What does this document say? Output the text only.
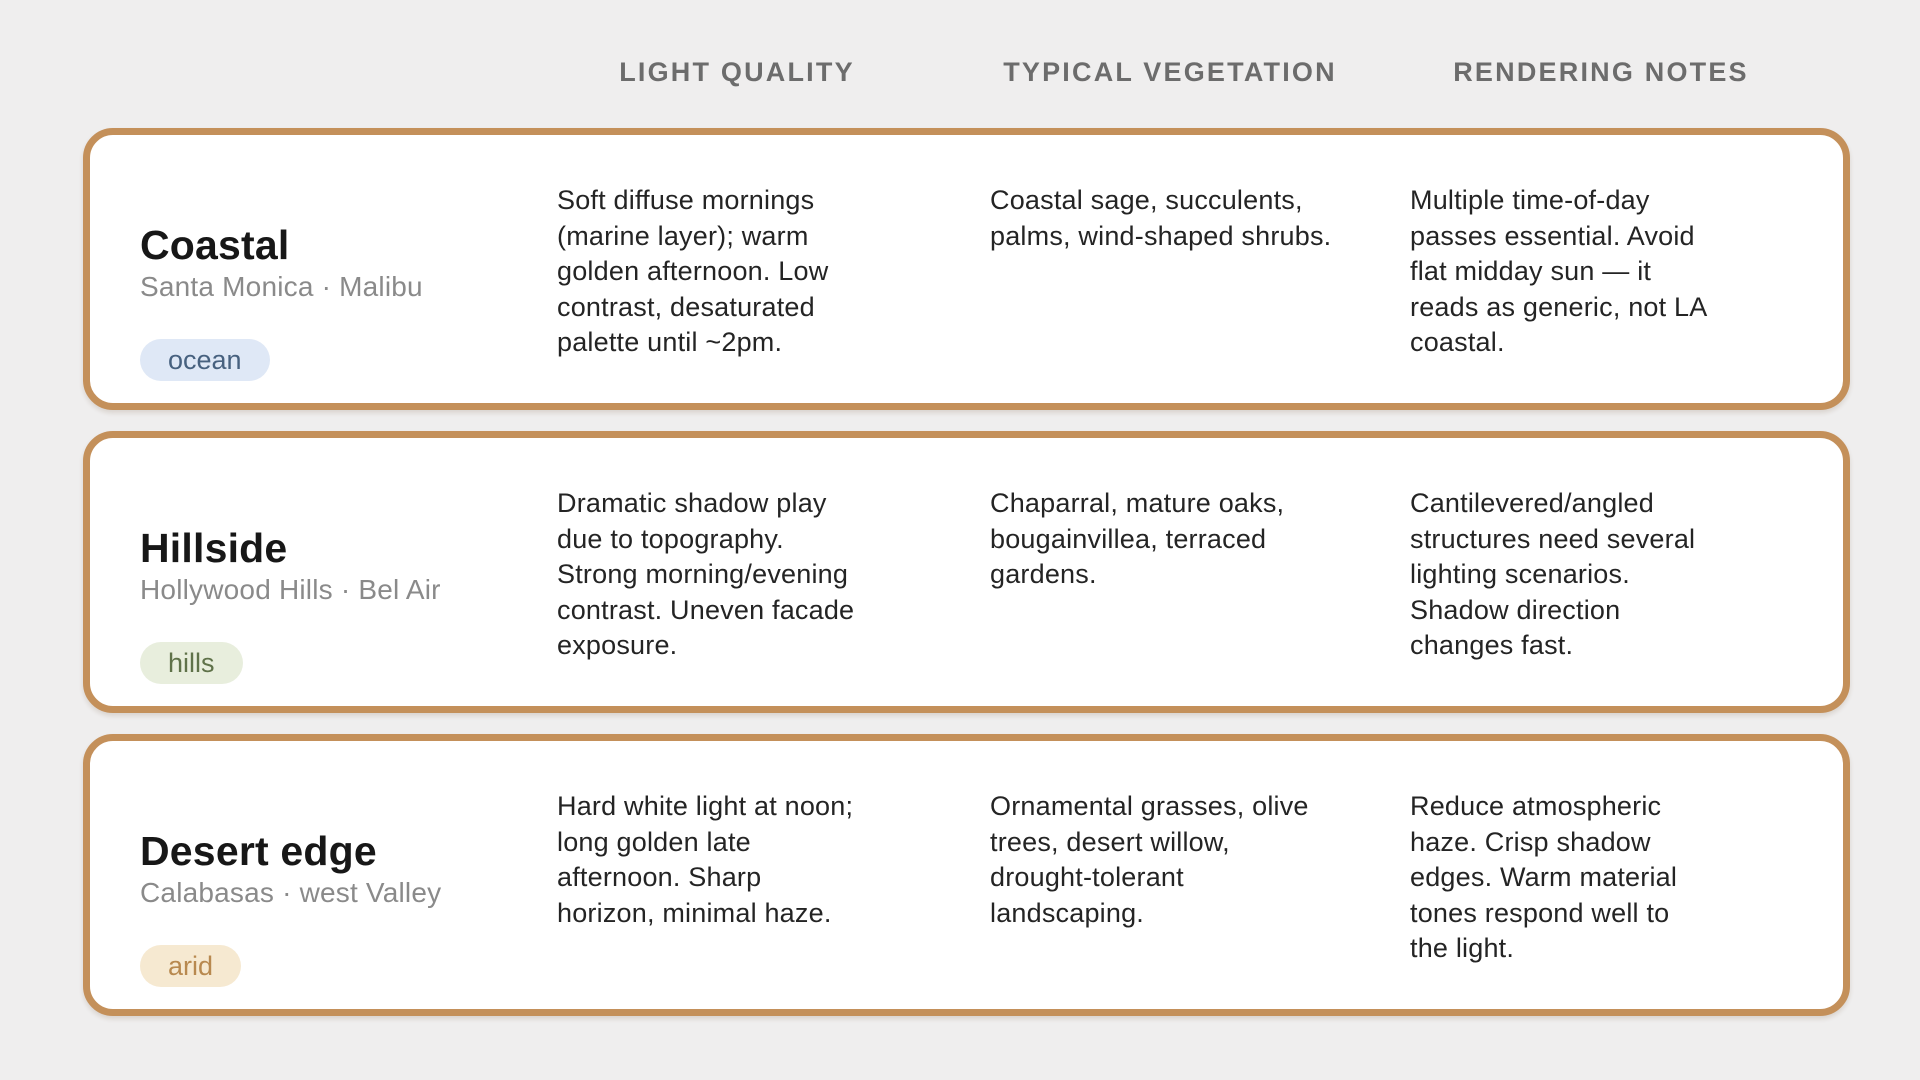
LIGHT QUALITY	TYPICAL VEGETATION	RENDERING NOTES
Coastal
Santa Monica · Malibu
ocean
Soft diffuse mornings (marine layer); warm golden afternoon. Low contrast, desaturated palette until ~2pm.
Coastal sage, succulents, palms, wind-shaped shrubs.
Multiple time-of-day passes essential. Avoid flat midday sun — it reads as generic, not LA coastal.
Hillside
Hollywood Hills · Bel Air
hills
Dramatic shadow play due to topography. Strong morning/evening contrast. Uneven facade exposure.
Chaparral, mature oaks, bougainvillea, terraced gardens.
Cantilevered/angled structures need several lighting scenarios. Shadow direction changes fast.
Desert edge
Calabasas · west Valley
arid
Hard white light at noon; long golden late afternoon. Sharp horizon, minimal haze.
Ornamental grasses, olive trees, desert willow, drought-tolerant landscaping.
Reduce atmospheric haze. Crisp shadow edges. Warm material tones respond well to the light.
